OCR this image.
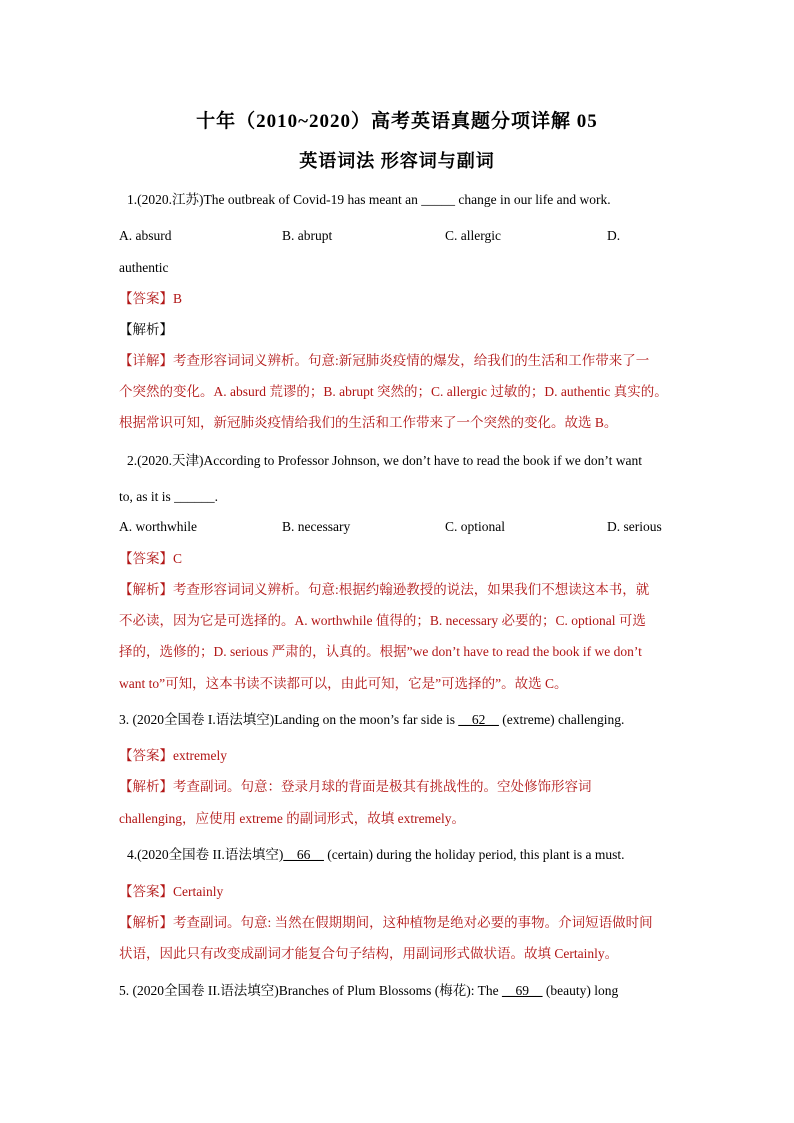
十年（2010~2020）高考英语真题分项详解 05
英语词法 形容词与副词
1.(2020.江苏)The outbreak of Covid-19 has meant an _____ change in our life and work.
A. absurd	B. abrupt	C. allergic	D.
authentic
【答案】B
【解析】
【详解】考查形容词词义辨析。句意:新冠肺炎疫情的爆发，给我们的生活和工作带来了一
个突然的变化。A. absurd 荒谬的；B. abrupt 突然的；C. allergic 过敏的；D. authentic 真实的。
根据常识可知，新冠肺炎疫情给我们的生活和工作带来了一个突然的变化。故选 B。
2.(2020.天津)According to Professor Johnson, we don’t have to read the book if we don’t want
to, as it is ______.
A. worthwhile	B. necessary	C. optional	D. serious
【答案】C
【解析】考查形容词词义辨析。句意:根据约翰逊教授的说法，如果我们不想读这本书，就
不必读，因为它是可选择的。A. worthwhile 值得的；B. necessary 必要的；C. optional 可选
择的，选修的；D. serious 严肃的，认真的。根据”we don’t have to read the book if we don’t
want to”可知，这本书读不读都可以，由此可知，它是”可选择的”。故选 C。
3. (2020全国卷 I.语法填空)Landing on the moon’s far side is __62__ (extreme) challenging.
【答案】extremely
【解析】考查副词。句意：登录月球的背面是极其有挑战性的。空处修饰形容词
challenging，应使用 extreme 的副词形式，故填 extremely。
4.(2020全国卷 II.语法填空)__66__ (certain) during the holiday period, this plant is a must.
【答案】Certainly
【解析】考查副词。句意: 当然在假期期间，这种植物是绝对必要的事物。介词短语做时间
状语，因此只有改变成副词才能复合句子结构，用副词形式做状语。故填 Certainly。
5. (2020全国卷 II.语法填空)Branches of Plum Blossoms (梅花): The __69__ (beauty) long
